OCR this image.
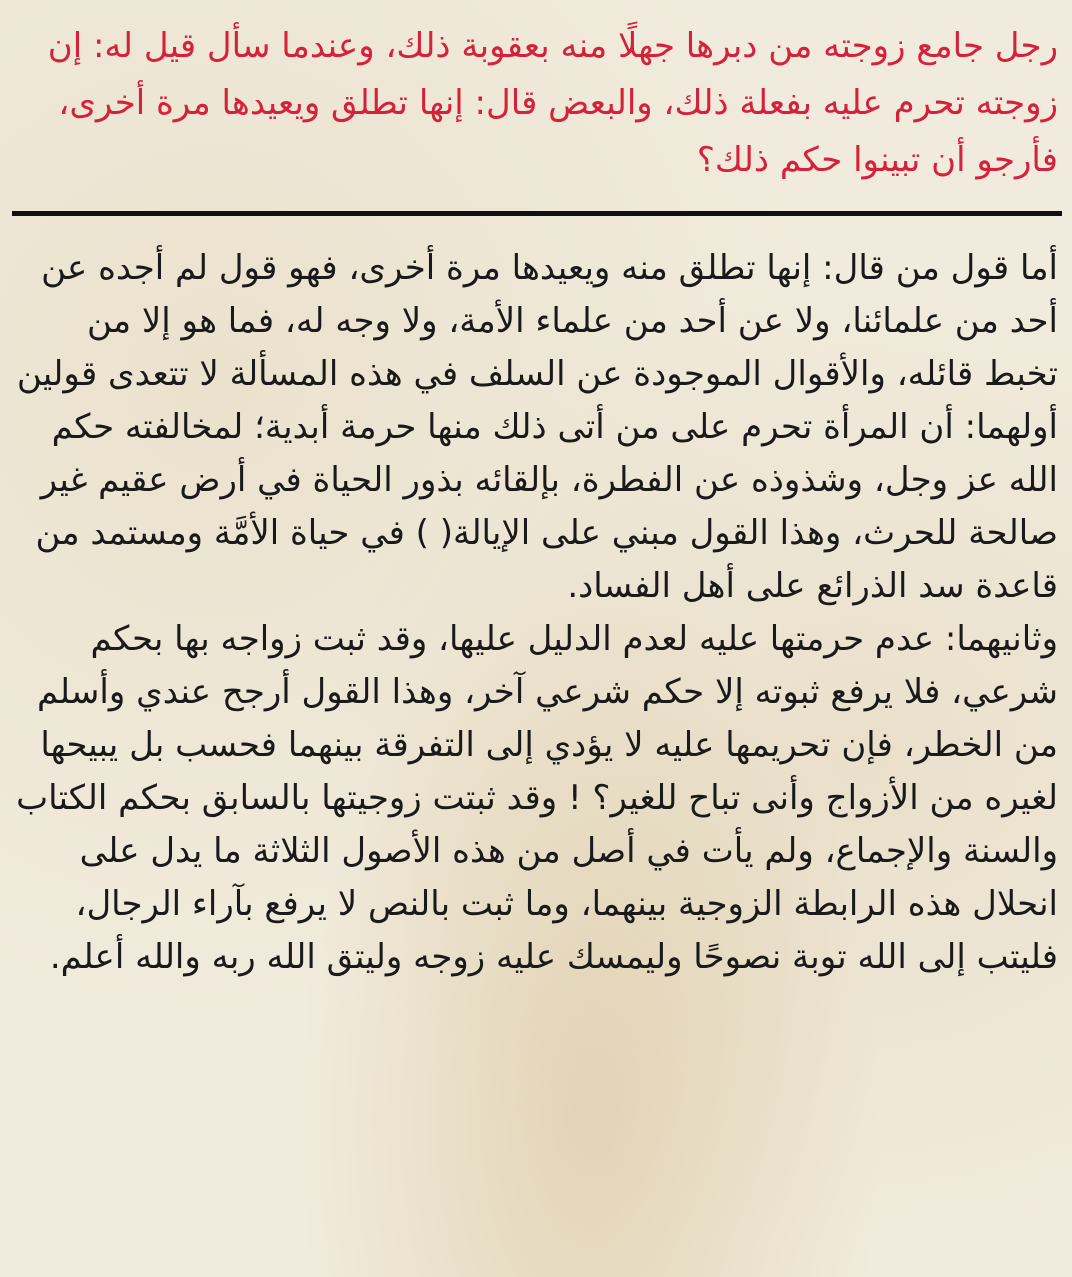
رجل جامع زوجته من دبرها جهلًا منه بعقوبة ذلك، وعندما سأل قيل له: إن زوجته تحرم عليه بفعلة ذلك، والبعض قال: إنها تطلق ويعيدها مرة أخرى، فأرجو أن تبينوا حكم ذلك؟

أما قول من قال: إنها تطلق منه ويعيدها مرة أخرى، فهو قول لم أجده عن أحد من علمائنا، ولا عن أحد من علماء الأمة، ولا وجه له، فما هو إلا من تخبط قائله، والأقوال الموجودة عن السلف في هذه المسألة لا تتعدى قولين أولهما: أن المرأة تحرم على من أتى ذلك منها حرمة أبدية؛ لمخالفته حكم الله عز وجل، وشذوذه عن الفطرة، بإلقائه بذور الحياة في أرض عقيم غير صالحة للحرث، وهذا القول مبني على الإيالة( ) في حياة الأمَّة ومستمد من قاعدة سد الذرائع على أهل الفساد.

وثانيهما: عدم حرمتها عليه لعدم الدليل عليها، وقد ثبت زواجه بها بحكم شرعي، فلا يرفع ثبوته إلا حكم شرعي آخر، وهذا القول أرجح عندي وأسلم من الخطر، فإن تحريمها عليه لا يؤدي إلى التفرقة بينهما فحسب بل يبيحها لغيره من الأزواج وأنى تباح للغير؟ ! وقد ثبتت زوجيتها بالسابق بحكم الكتاب والسنة والإجماع، ولم يأت في أصل من هذه الأصول الثلاثة ما يدل على انحلال هذه الرابطة الزوجية بينهما، وما ثبت بالنص لا يرفع بآراء الرجال، فليتب إلى الله توبة نصوحًا وليمسك عليه زوجه وليتق الله ربه والله أعلم.
